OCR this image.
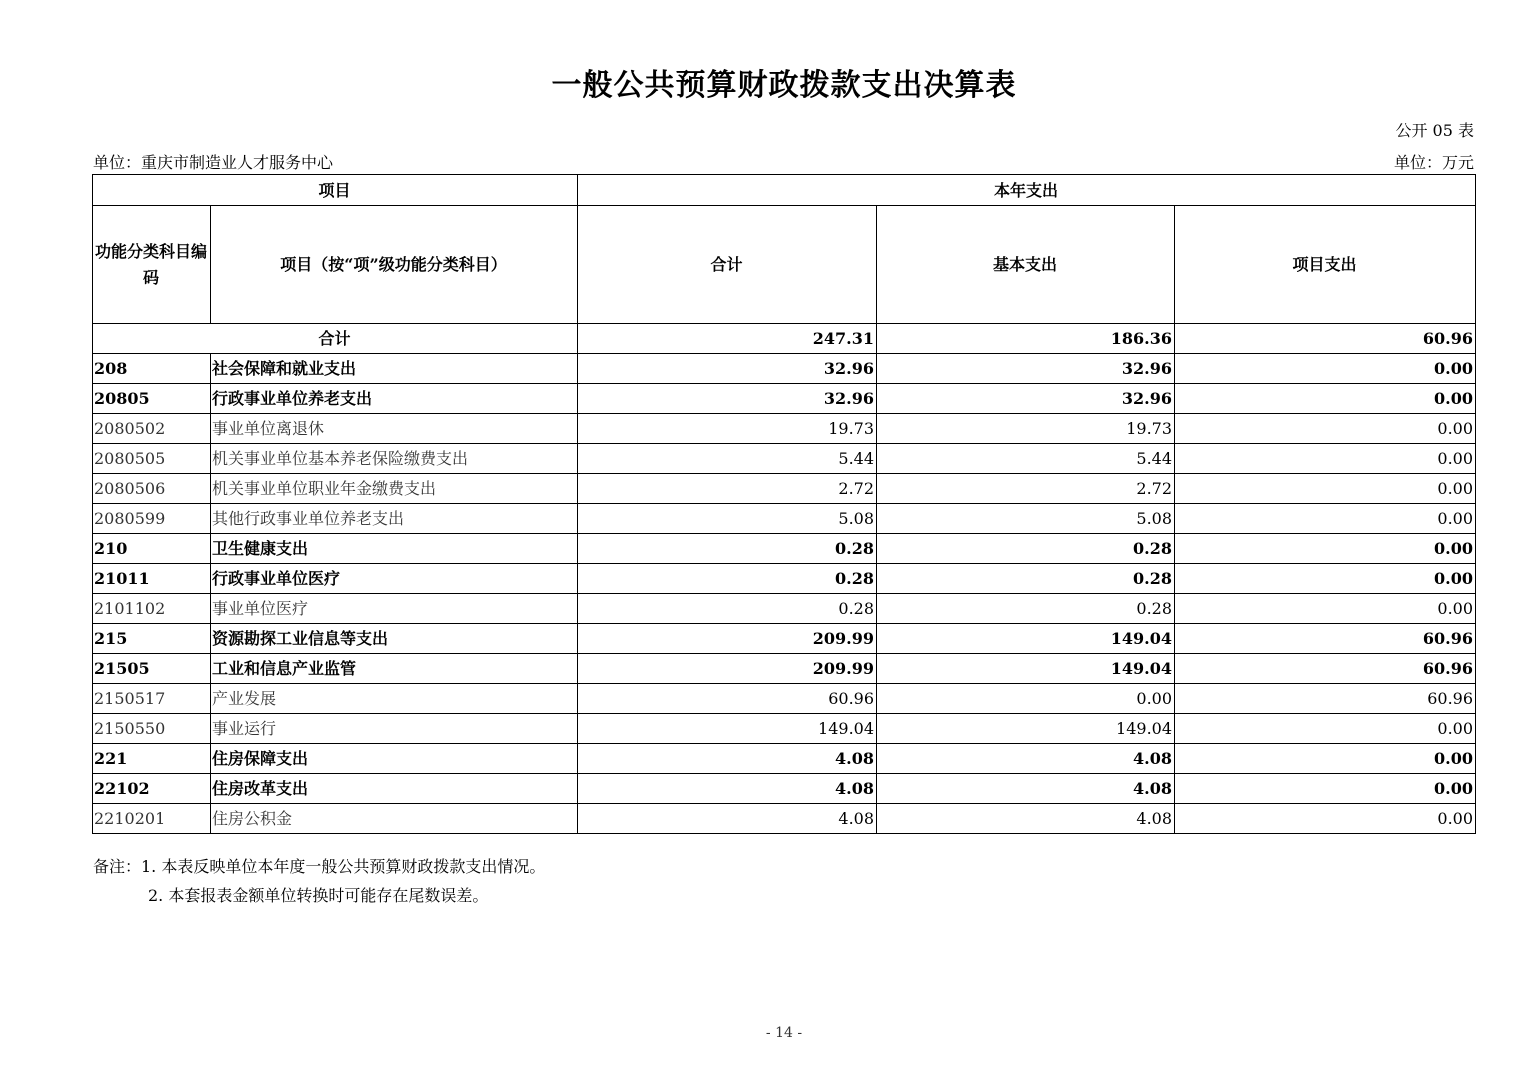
一般公共预算财政拨款支出决算表
公开 05 表
单位：重庆市制造业人才服务中心	单位：万元
项目		本年支出		
功能分类科目编码	项目（按“项”级功能分类科目）	合计	基本支出	项目支出
合计		247.31	186.36	60.96
208	社会保障和就业支出	32.96	32.96	0.00
20805	行政事业单位养老支出	32.96	32.96	0.00
2080502	事业单位离退休	19.73	19.73	0.00
2080505	机关事业单位基本养老保险缴费支出	5.44	5.44	0.00
2080506	机关事业单位职业年金缴费支出	2.72	2.72	0.00
2080599	其他行政事业单位养老支出	5.08	5.08	0.00
210	卫生健康支出	0.28	0.28	0.00
21011	行政事业单位医疗	0.28	0.28	0.00
2101102	事业单位医疗	0.28	0.28	0.00
215	资源勘探工业信息等支出	209.99	149.04	60.96
21505	工业和信息产业监管	209.99	149.04	60.96
2150517	产业发展	60.96	0.00	60.96
2150550	事业运行	149.04	149.04	0.00
221	住房保障支出	4.08	4.08	0.00
22102	住房改革支出	4.08	4.08	0.00
2210201	住房公积金	4.08	4.08	0.00
备注：1. 本表反映单位本年度一般公共预算财政拨款支出情况。
2. 本套报表金额单位转换时可能存在尾数误差。
- 14 -
